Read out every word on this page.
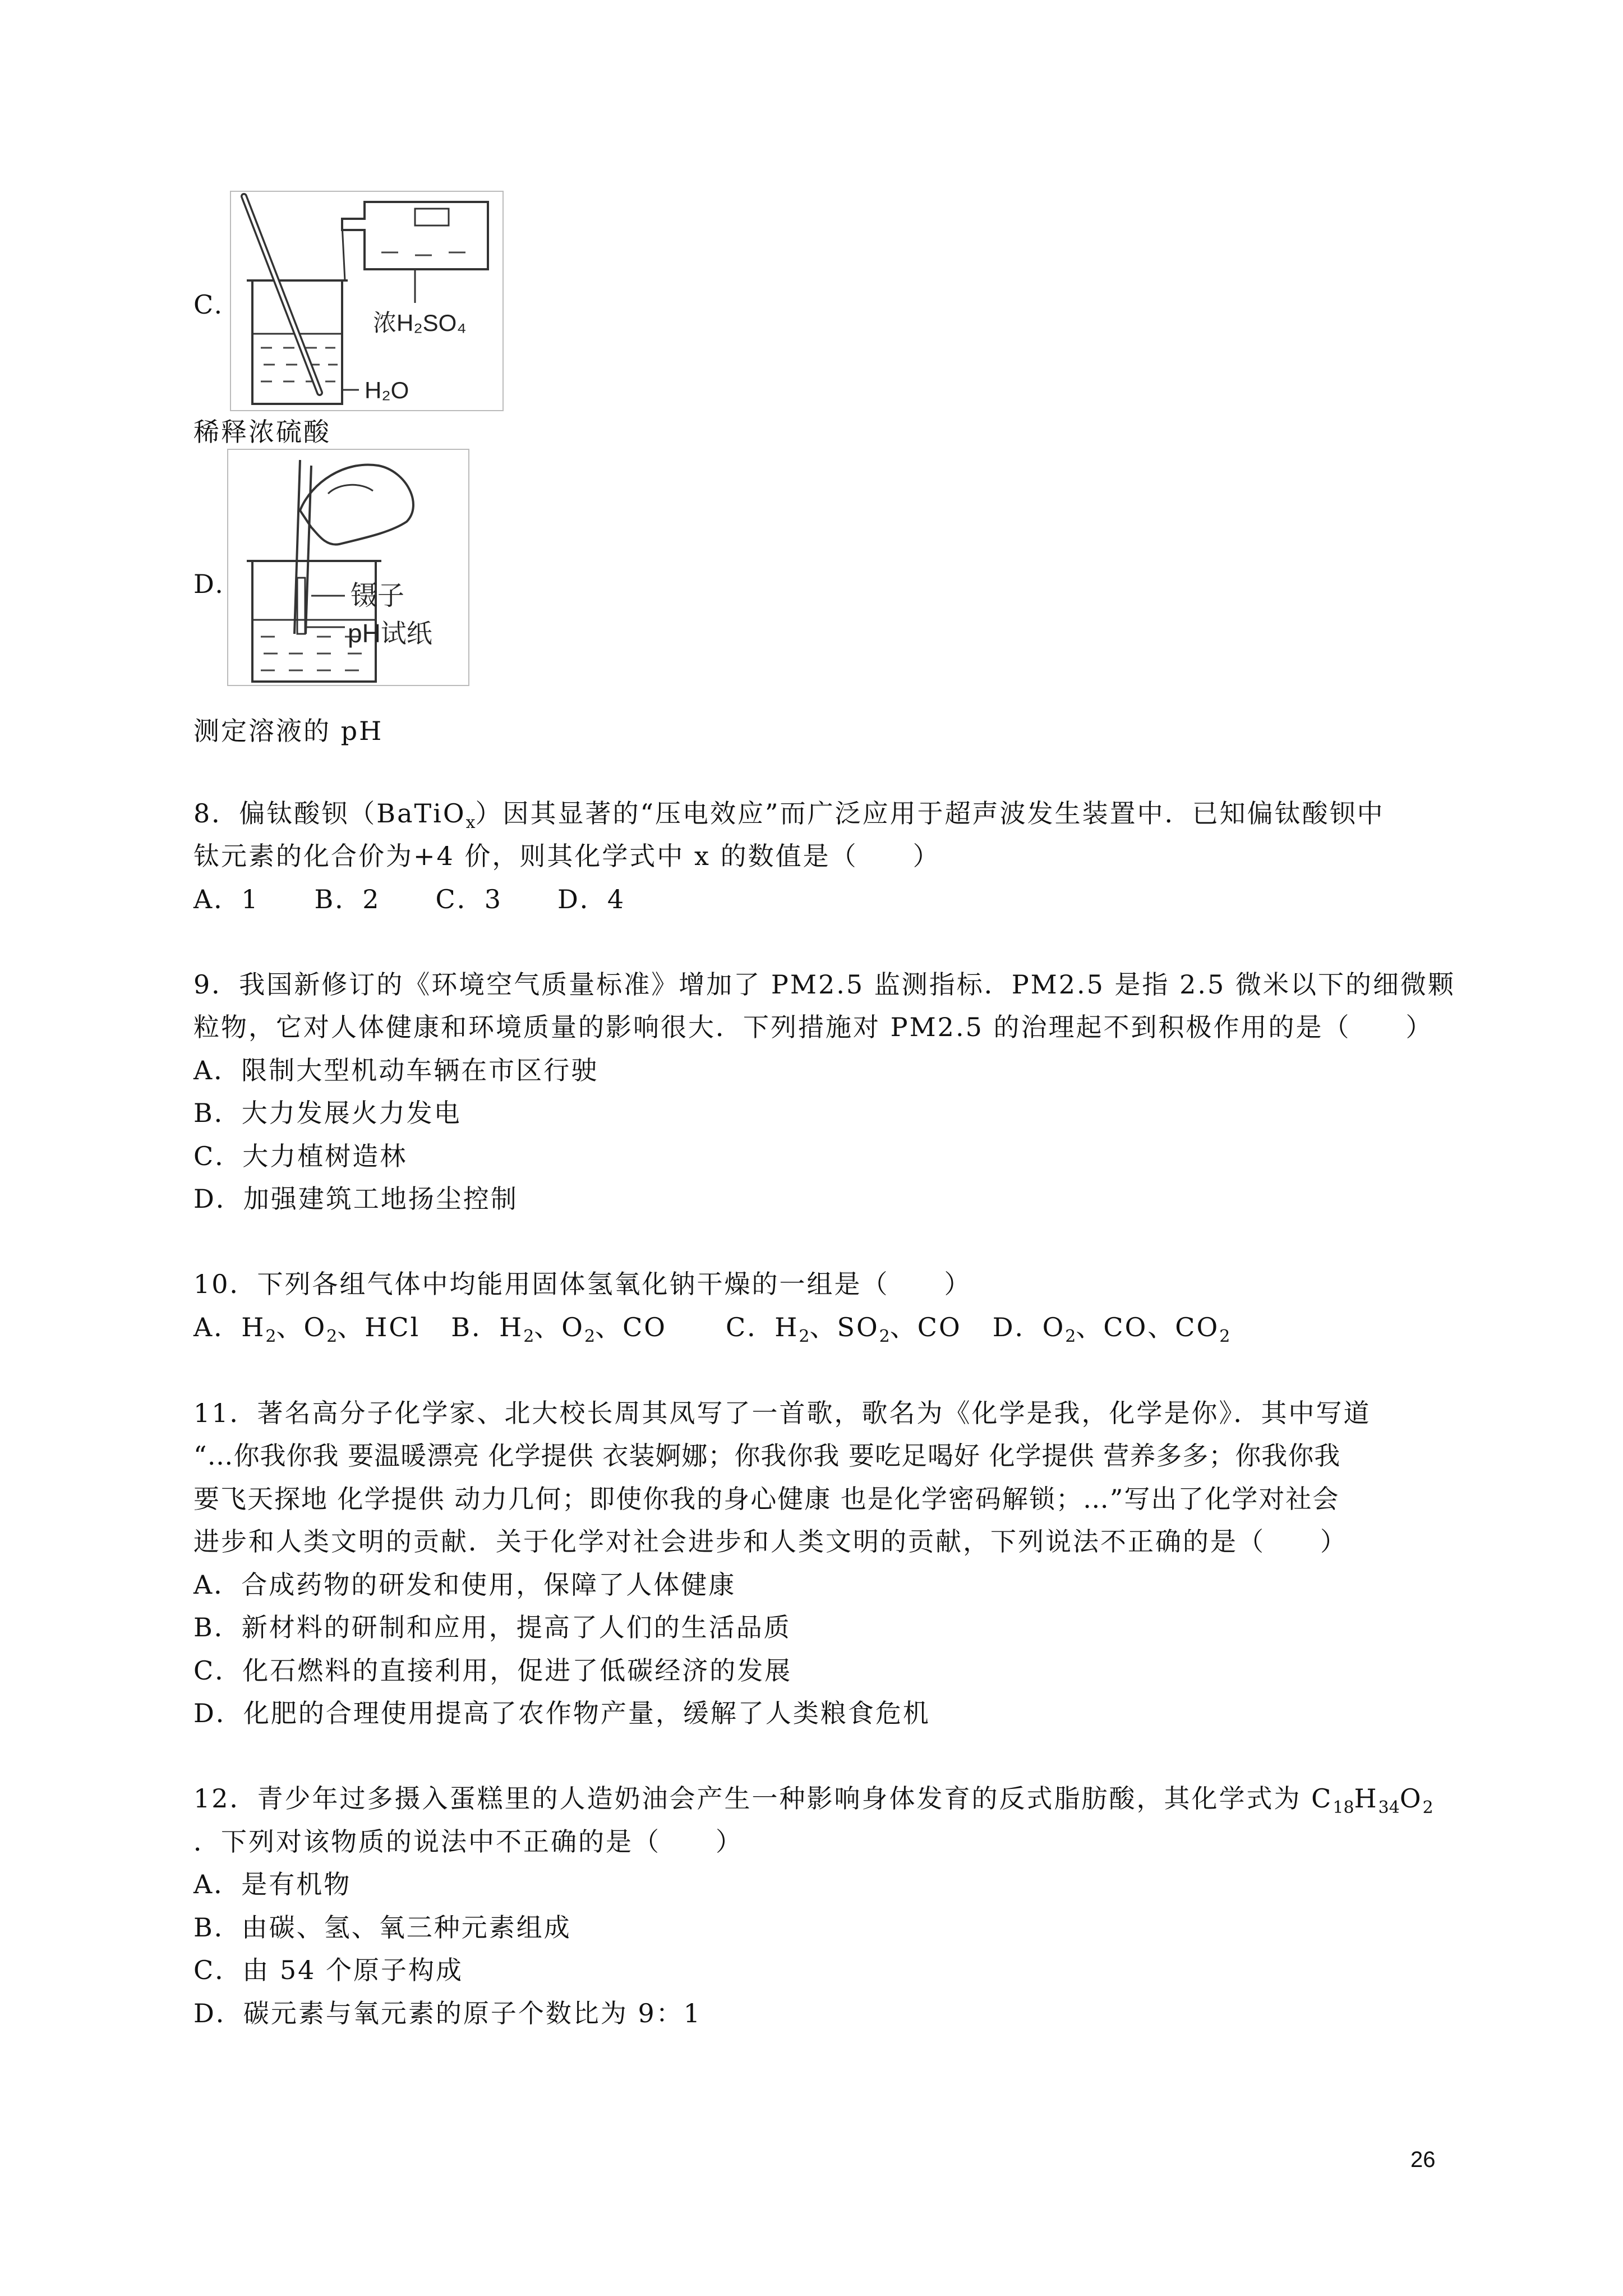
C.
浓H₂SO₄
H₂O
稀释浓硫酸
D.	镊子
pH试纸
测定溶液的 pH
8．偏钛酸钡（BaTiO$_x$）因其显著的“压电效应”而广泛应用于超声波发生装置中．已知偏钛酸钡中
钛元素的化合价为+4 价，则其化学式中 x 的数值是（　　）
A．1　　B．2　　C．3　　D．4
9．我国新修订的《环境空气质量标准》增加了 PM2.5 监测指标．PM2.5 是指 2.5 微米以下的细微颗
粒物，它对人体健康和环境质量的影响很大．下列措施对 PM2.5 的治理起不到积极作用的是（　　）
A．限制大型机动车辆在市区行驶
B．大力发展火力发电
C．大力植树造林
D．加强建筑工地扬尘控制
10．下列各组气体中均能用固体氢氧化钠干燥的一组是（　　）
A．$H_2$、$O_2$、HCl B．$H_2$、$O_2$、CO C．$H_2$、$SO_2$、CO D．$O_2$、CO、$CO_2$
11．著名高分子化学家、北大校长周其凤写了一首歌，歌名为《化学是我，化学是你》．其中写道
“…你我你我 要温暖漂亮 化学提供 衣装婀娜；你我你我 要吃足喝好 化学提供 营养多多；你我你我
要飞天探地 化学提供 动力几何；即使你我的身心健康 也是化学密码解锁；…”写出了化学对社会
进步和人类文明的贡献．关于化学对社会进步和人类文明的贡献，下列说法不正确的是（　　）
A．合成药物的研发和使用，保障了人体健康
B．新材料的研制和应用，提高了人们的生活品质
C．化石燃料的直接利用，促进了低碳经济的发展
D．化肥的合理使用提高了农作物产量，缓解了人类粮食危机
12．青少年过多摄入蛋糕里的人造奶油会产生一种影响身体发育的反式脂肪酸，其化学式为 $C_{18}H_{34}O_2$
．下列对该物质的说法中不正确的是（　　）
A．是有机物
B．由碳、氢、氧三种元素组成
C．由 54 个原子构成
D．碳元素与氧元素的原子个数比为 9：1
26
